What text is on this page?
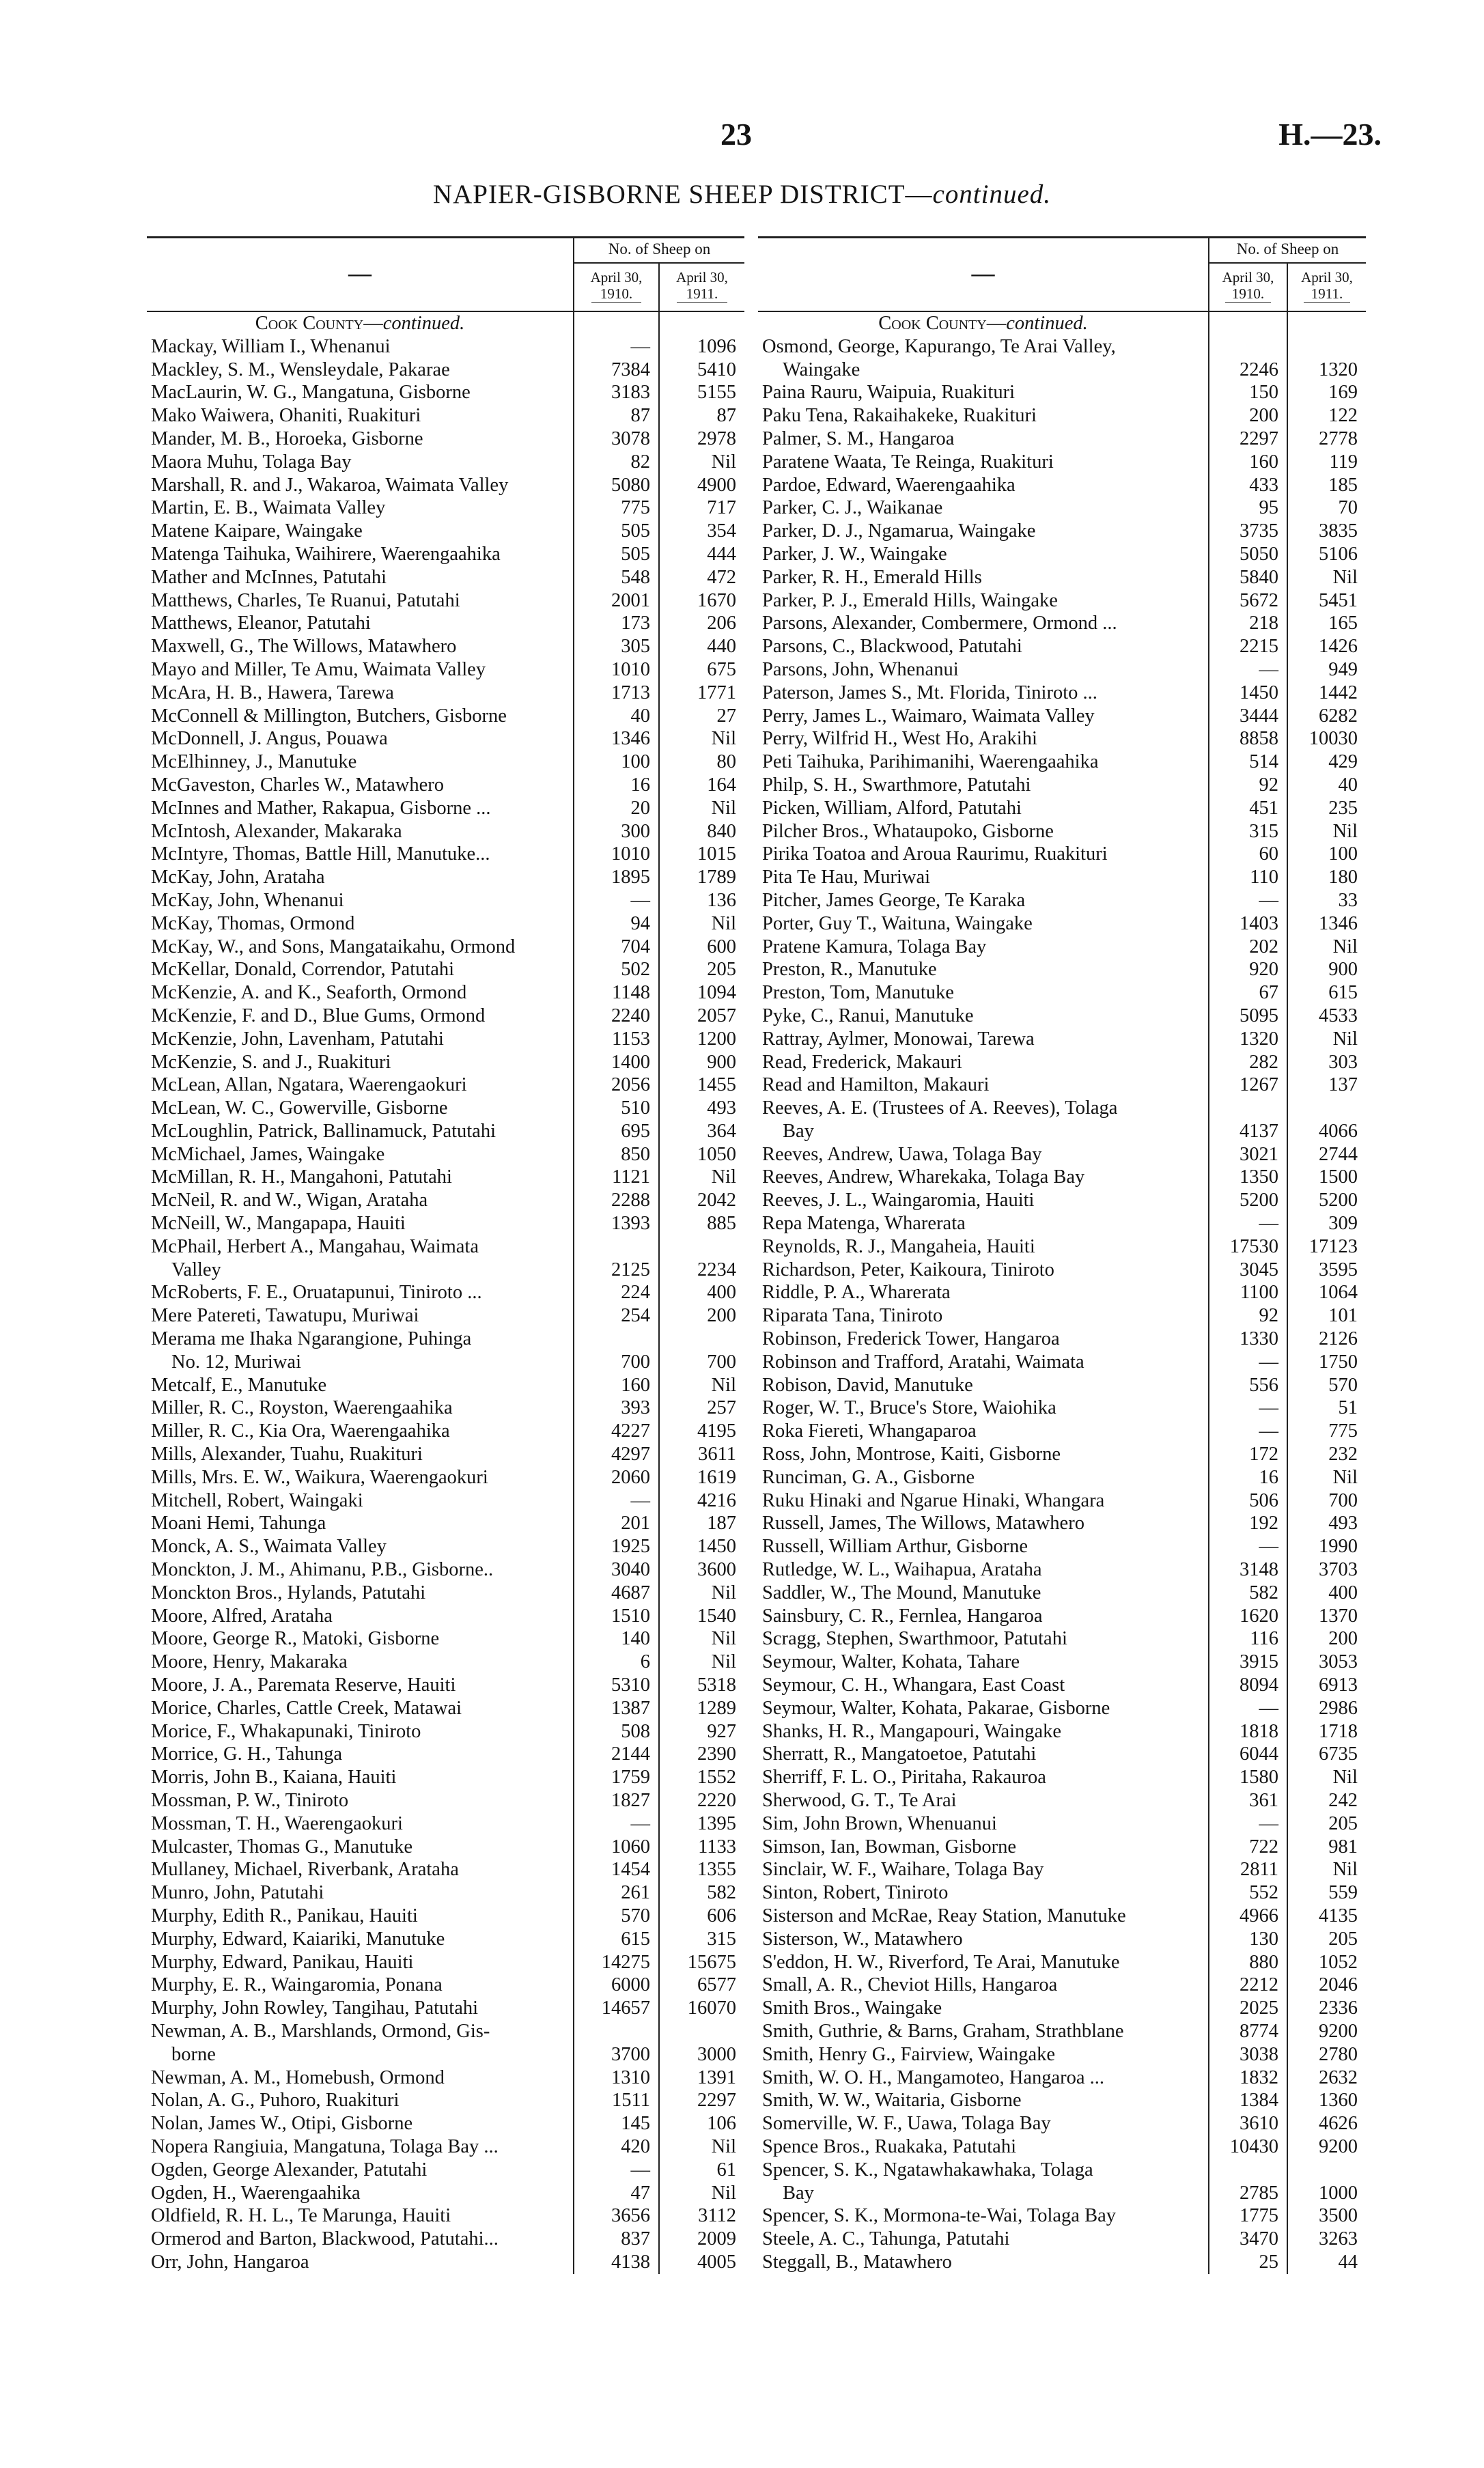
23	H.—23.
NAPIER-GISBORNE SHEEP DISTRICT—continued.
—	No. of Sheep on	
	April 30,
1910.	April 30,
1911.

Cook County—continued.		
Mackay, William I., Whenanui	—	1096
Mackley, S. M., Wensleydale, Pakarae	7384	5410
MacLaurin, W. G., Mangatuna, Gisborne	3183	5155
Mako Waiwera, Ohaniti, Ruakituri	87	87
Mander, M. B., Horoeka, Gisborne	3078	2978
Maora Muhu, Tolaga Bay	82	Nil
Marshall, R. and J., Wakaroa, Waimata Valley	5080	4900
Martin, E. B., Waimata Valley	775	717
Matene Kaipare, Waingake	505	354
Matenga Taihuka, Waihirere, Waerengaahika	505	444
Mather and McInnes, Patutahi	548	472
Matthews, Charles, Te Ruanui, Patutahi	2001	1670
Matthews, Eleanor, Patutahi	173	206
Maxwell, G., The Willows, Matawhero	305	440
Mayo and Miller, Te Amu, Waimata Valley	1010	675
McAra, H. B., Hawera, Tarewa	1713	1771
McConnell & Millington, Butchers, Gisborne	40	27
McDonnell, J. Angus, Pouawa	1346	Nil
McElhinney, J., Manutuke	100	80
McGaveston, Charles W., Matawhero	16	164
McInnes and Mather, Rakapua, Gisborne ...	20	Nil
McIntosh, Alexander, Makaraka	300	840
McIntyre, Thomas, Battle Hill, Manutuke...	1010	1015
McKay, John, Arataha	1895	1789
McKay, John, Whenanui	—	136
McKay, Thomas, Ormond	94	Nil
McKay, W., and Sons, Mangataikahu, Ormond	704	600
McKellar, Donald, Correndor, Patutahi	502	205
McKenzie, A. and K., Seaforth, Ormond	1148	1094
McKenzie, F. and D., Blue Gums, Ormond	2240	2057
McKenzie, John, Lavenham, Patutahi	1153	1200
McKenzie, S. and J., Ruakituri	1400	900
McLean, Allan, Ngatara, Waerengaokuri	2056	1455
McLean, W. C., Gowerville, Gisborne	510	493
McLoughlin, Patrick, Ballinamuck, Patutahi	695	364
McMichael, James, Waingake	850	1050
McMillan, R. H., Mangahoni, Patutahi	1121	Nil
McNeil, R. and W., Wigan, Arataha	2288	2042
McNeill, W., Mangapapa, Hauiti	1393	885
McPhail, Herbert A., Mangahau, Waimata	2125	2234
Valley		
McRoberts, F. E., Oruatapunui, Tiniroto ...	224	400
Mere Patereti, Tawatupu, Muriwai	254	200
Merama me Ihaka Ngarangione, Puhinga	700	700
No. 12, Muriwai		
Metcalf, E., Manutuke	160	Nil
Miller, R. C., Royston, Waerengaahika	393	257
Miller, R. C., Kia Ora, Waerengaahika	4227	4195
Mills, Alexander, Tuahu, Ruakituri	4297	3611
Mills, Mrs. E. W., Waikura, Waerengaokuri	2060	1619
Mitchell, Robert, Waingaki	—	4216
Moani Hemi, Tahunga	201	187
Monck, A. S., Waimata Valley	1925	1450
Monckton, J. M., Ahimanu, P.B., Gisborne..	3040	3600
Monckton Bros., Hylands, Patutahi	4687	Nil
Moore, Alfred, Arataha	1510	1540
Moore, George R., Matoki, Gisborne	140	Nil
Moore, Henry, Makaraka	6	Nil
Moore, J. A., Paremata Reserve, Hauiti	5310	5318
Morice, Charles, Cattle Creek, Matawai	1387	1289
Morice, F., Whakapunaki, Tiniroto	508	927
Morrice, G. H., Tahunga	2144	2390
Morris, John B., Kaiana, Hauiti	1759	1552
Mossman, P. W., Tiniroto	1827	2220
Mossman, T. H., Waerengaokuri	—	1395
Mulcaster, Thomas G., Manutuke	1060	1133
Mullaney, Michael, Riverbank, Arataha	1454	1355
Munro, John, Patutahi	261	582
Murphy, Edith R., Panikau, Hauiti	570	606
Murphy, Edward, Kaiariki, Manutuke	615	315
Murphy, Edward, Panikau, Hauiti	14275	15675
Murphy, E. R., Waingaromia, Ponana	6000	6577
Murphy, John Rowley, Tangihau, Patutahi	14657	16070
Newman, A. B., Marshlands, Ormond, Gis-	3700	3000
borne		
Newman, A. M., Homebush, Ormond	1310	1391
Nolan, A. G., Puhoro, Ruakituri	1511	2297
Nolan, James W., Otipi, Gisborne	145	106
Nopera Rangiuia, Mangatuna, Tolaga Bay ...	420	Nil
Ogden, George Alexander, Patutahi	—	61
Ogden, H., Waerengaahika	47	Nil
Oldfield, R. H. L., Te Marunga, Hauiti	3656	3112
Ormerod and Barton, Blackwood, Patutahi...	837	2009
Orr, John, Hangaroa	4138	4005
—	No. of Sheep on	
	April 30,
1910.	April 30,
1911.

Cook County—continued.		
Osmond, George, Kapurango, Te Arai Valley,	2246	1320
Waingake		
Paina Rauru, Waipuia, Ruakituri	150	169
Paku Tena, Rakaihakeke, Ruakituri	200	122
Palmer, S. M., Hangaroa	2297	2778
Paratene Waata, Te Reinga, Ruakituri	160	119
Pardoe, Edward, Waerengaahika	433	185
Parker, C. J., Waikanae	95	70
Parker, D. J., Ngamarua, Waingake	3735	3835
Parker, J. W., Waingake	5050	5106
Parker, R. H., Emerald Hills	5840	Nil
Parker, P. J., Emerald Hills, Waingake	5672	5451
Parsons, Alexander, Combermere, Ormond ...	218	165
Parsons, C., Blackwood, Patutahi	2215	1426
Parsons, John, Whenanui	—	949
Paterson, James S., Mt. Florida, Tiniroto ...	1450	1442
Perry, James L., Waimaro, Waimata Valley	3444	6282
Perry, Wilfrid H., West Ho, Arakihi	8858	10030
Peti Taihuka, Parihimanihi, Waerengaahika	514	429
Philp, S. H., Swarthmore, Patutahi	92	40
Picken, William, Alford, Patutahi	451	235
Pilcher Bros., Whataupoko, Gisborne	315	Nil
Pirika Toatoa and Aroua Raurimu, Ruakituri	60	100
Pita Te Hau, Muriwai	110	180
Pitcher, James George, Te Karaka	—	33
Porter, Guy T., Waituna, Waingake	1403	1346
Pratene Kamura, Tolaga Bay	202	Nil
Preston, R., Manutuke	920	900
Preston, Tom, Manutuke	67	615
Pyke, C., Ranui, Manutuke	5095	4533
Rattray, Aylmer, Monowai, Tarewa	1320	Nil
Read, Frederick, Makauri	282	303
Read and Hamilton, Makauri	1267	137
Reeves, A. E. (Trustees of A. Reeves), Tolaga	4137	4066
Bay		
Reeves, Andrew, Uawa, Tolaga Bay	3021	2744
Reeves, Andrew, Wharekaka, Tolaga Bay	1350	1500
Reeves, J. L., Waingaromia, Hauiti	5200	5200
Repa Matenga, Wharerata	—	309
Reynolds, R. J., Mangaheia, Hauiti	17530	17123
Richardson, Peter, Kaikoura, Tiniroto	3045	3595
Riddle, P. A., Wharerata	1100	1064
Riparata Tana, Tiniroto	92	101
Robinson, Frederick Tower, Hangaroa	1330	2126
Robinson and Trafford, Aratahi, Waimata	—	1750
Robison, David, Manutuke	556	570
Roger, W. T., Bruce's Store, Waiohika	—	51
Roka Fiereti, Whangaparoa	—	775
Ross, John, Montrose, Kaiti, Gisborne	172	232
Runciman, G. A., Gisborne	16	Nil
Ruku Hinaki and Ngarue Hinaki, Whangara	506	700
Russell, James, The Willows, Matawhero	192	493
Russell, William Arthur, Gisborne	—	1990
Rutledge, W. L., Waihapua, Arataha	3148	3703
Saddler, W., The Mound, Manutuke	582	400
Sainsbury, C. R., Fernlea, Hangaroa	1620	1370
Scragg, Stephen, Swarthmoor, Patutahi	116	200
Seymour, Walter, Kohata, Tahare	3915	3053
Seymour, C. H., Whangara, East Coast	8094	6913
Seymour, Walter, Kohata, Pakarae, Gisborne	—	2986
Shanks, H. R., Mangapouri, Waingake	1818	1718
Sherratt, R., Mangatoetoe, Patutahi	6044	6735
Sherriff, F. L. O., Piritaha, Rakauroa	1580	Nil
Sherwood, G. T., Te Arai	361	242
Sim, John Brown, Whenuanui	—	205
Simson, Ian, Bowman, Gisborne	722	981
Sinclair, W. F., Waihare, Tolaga Bay	2811	Nil
Sinton, Robert, Tiniroto	552	559
Sisterson and McRae, Reay Station, Manutuke	4966	4135
Sisterson, W., Matawhero	130	205
S'eddon, H. W., Riverford, Te Arai, Manutuke	880	1052
Small, A. R., Cheviot Hills, Hangaroa	2212	2046
Smith Bros., Waingake	2025	2336
Smith, Guthrie, & Barns, Graham, Strathblane	8774	9200
Smith, Henry G., Fairview, Waingake	3038	2780
Smith, W. O. H., Mangamoteo, Hangaroa ...	1832	2632
Smith, W. W., Waitaria, Gisborne	1384	1360
Somerville, W. F., Uawa, Tolaga Bay	3610	4626
Spence Bros., Ruakaka, Patutahi	10430	9200
Spencer, S. K., Ngatawhakawhaka, Tolaga	2785	1000
Bay		
Spencer, S. K., Mormona-te-Wai, Tolaga Bay	1775	3500
Steele, A. C., Tahunga, Patutahi	3470	3263
Steggall, B., Matawhero	25	44
